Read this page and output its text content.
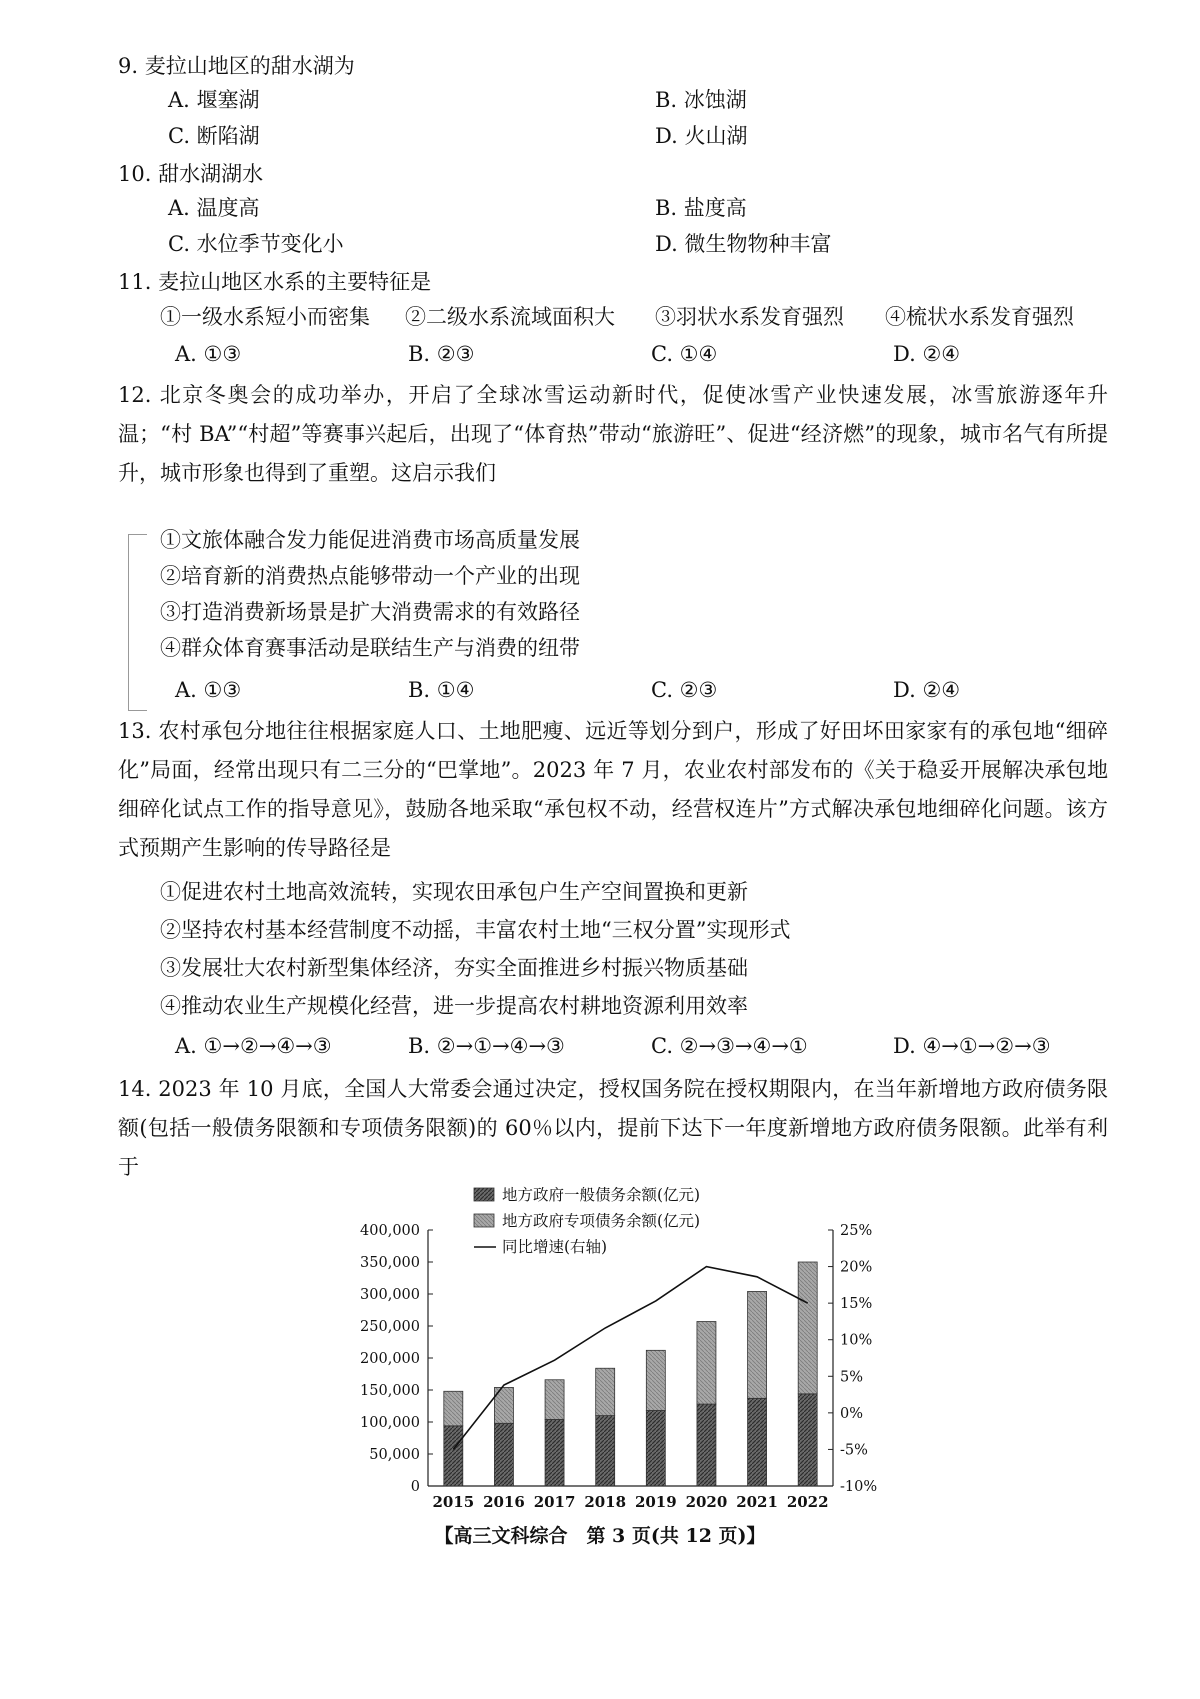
9. 麦拉山地区的甜水湖为
A. 堰塞湖	B. 冰蚀湖
C. 断陷湖	D. 火山湖
10. 甜水湖湖水
A. 温度高	B. 盐度高
C. 水位季节变化小	D. 微生物物种丰富
11. 麦拉山地区水系的主要特征是
①一级水系短小而密集 ②二级水系流域面积大 ③羽状水系发育强烈 ④梳状水系发育强烈
A. ①③	B. ②③	C. ①④	D. ②④
12. 北京冬奥会的成功举办，开启了全球冰雪运动新时代，促使冰雪产业快速发展，冰雪旅游逐年升温；“村 BA”“村超”等赛事兴起后，出现了“体育热”带动“旅游旺”、促进“经济燃”的现象，城市名气有所提升，城市形象也得到了重塑。这启示我们
①文旅体融合发力能促进消费市场高质量发展
②培育新的消费热点能够带动一个产业的出现
③打造消费新场景是扩大消费需求的有效路径
④群众体育赛事活动是联结生产与消费的纽带
A. ①③	B. ①④	C. ②③	D. ②④
13. 农村承包分地往往根据家庭人口、土地肥瘦、远近等划分到户，形成了好田坏田家家有的承包地“细碎化”局面，经常出现只有二三分的“巴掌地”。2023 年 7 月，农业农村部发布的《关于稳妥开展解决承包地细碎化试点工作的指导意见》，鼓励各地采取“承包权不动，经营权连片”方式解决承包地细碎化问题。该方式预期产生影响的传导路径是
①促进农村土地高效流转，实现农田承包户生产空间置换和更新
②坚持农村基本经营制度不动摇，丰富农村土地“三权分置”实现形式
③发展壮大农村新型集体经济，夯实全面推进乡村振兴物质基础
④推动农业生产规模化经营，进一步提高农村耕地资源利用效率
A. ①→②→④→③	B. ②→①→④→③	C. ②→③→④→①	D. ④→①→②→③
14. 2023 年 10 月底，全国人大常委会通过决定，授权国务院在授权期限内，在当年新增地方政府债务限额(包括一般债务限额和专项债务限额)的 60％以内，提前下达下一年度新增地方政府债务限额。此举有利于
400,000
350,000
300,000
250,000
200,000
150,000
100,000
50,000
0
25%
20%
15%
10%
5%
0%
-5%
-10%
2015 2016 2017 2018 2019 2020 2021 2022
地方政府一般债务余额(亿元)
地方政府专项债务余额(亿元)
同比增速(右轴)
【高三文科综合　第 3 页(共 12 页)】
